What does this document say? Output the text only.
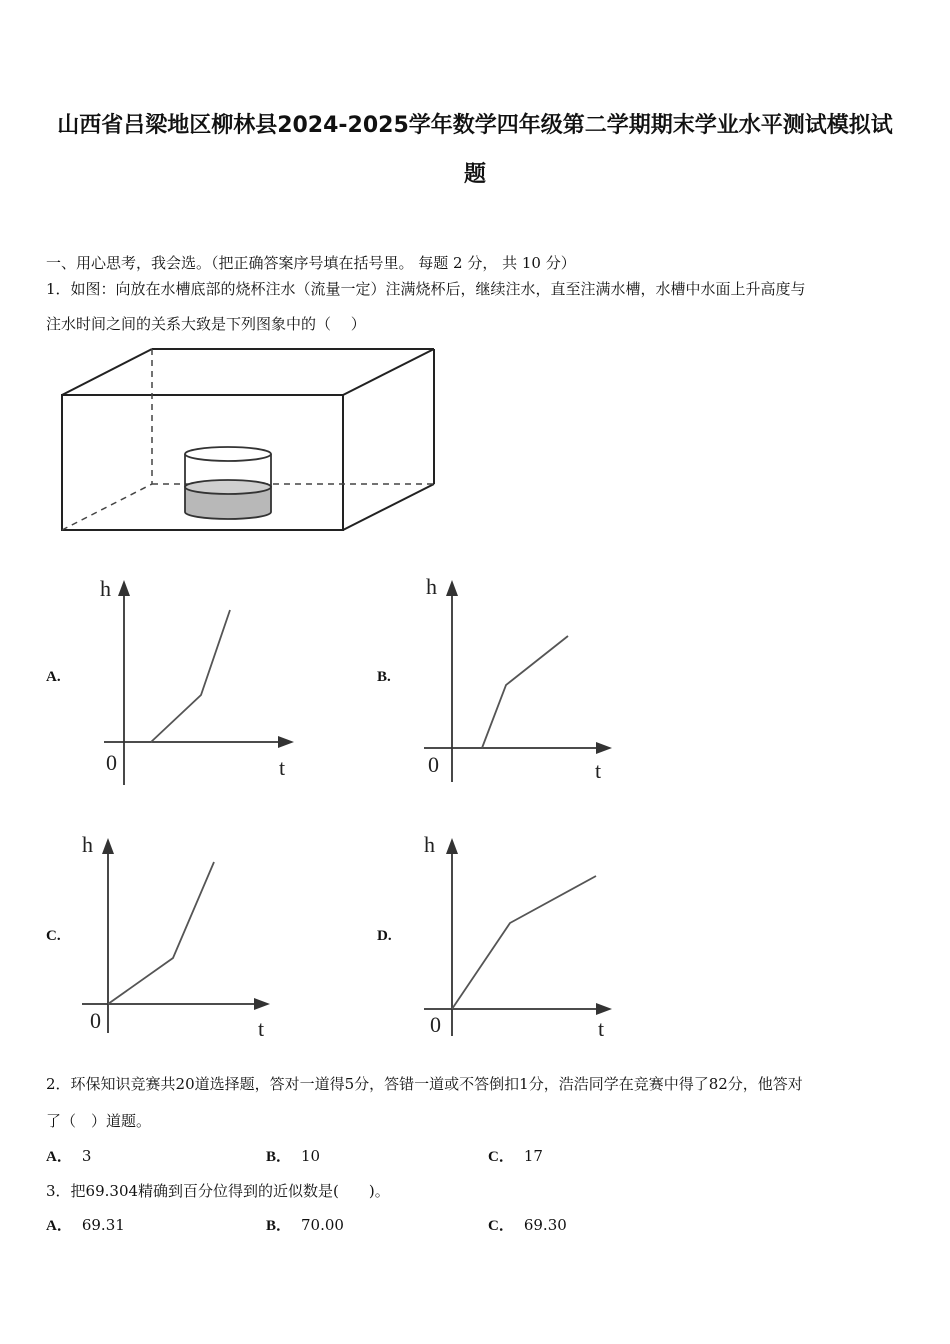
山西省吕梁地区柳林县2024-2025学年数学四年级第二学期期末学业水平测试模拟试
题
一、用心思考，我会选。（把正确答案序号填在括号里。 每题 2 分， 共 10 分）
1．如图：向放在水槽底部的烧杯注水（流量一定）注满烧杯后，继续注水，直至注满水槽，水槽中水面上升高度与
注水时间之间的关系大致是下列图象中的（　 ）
A.
h
0	t
B.
h
0	t
C.
h
0	t
D.
h
0	t
2．环保知识竞赛共20道选择题，答对一道得5分，答错一道或不答倒扣1分，浩浩同学在竞赛中得了82分，他答对
了（　）道题。
A． 3	B． 10	C． 17
3．把69.304精确到百分位得到的近似数是(　　)。
A． 69.31	B． 70.00	C． 69.30
